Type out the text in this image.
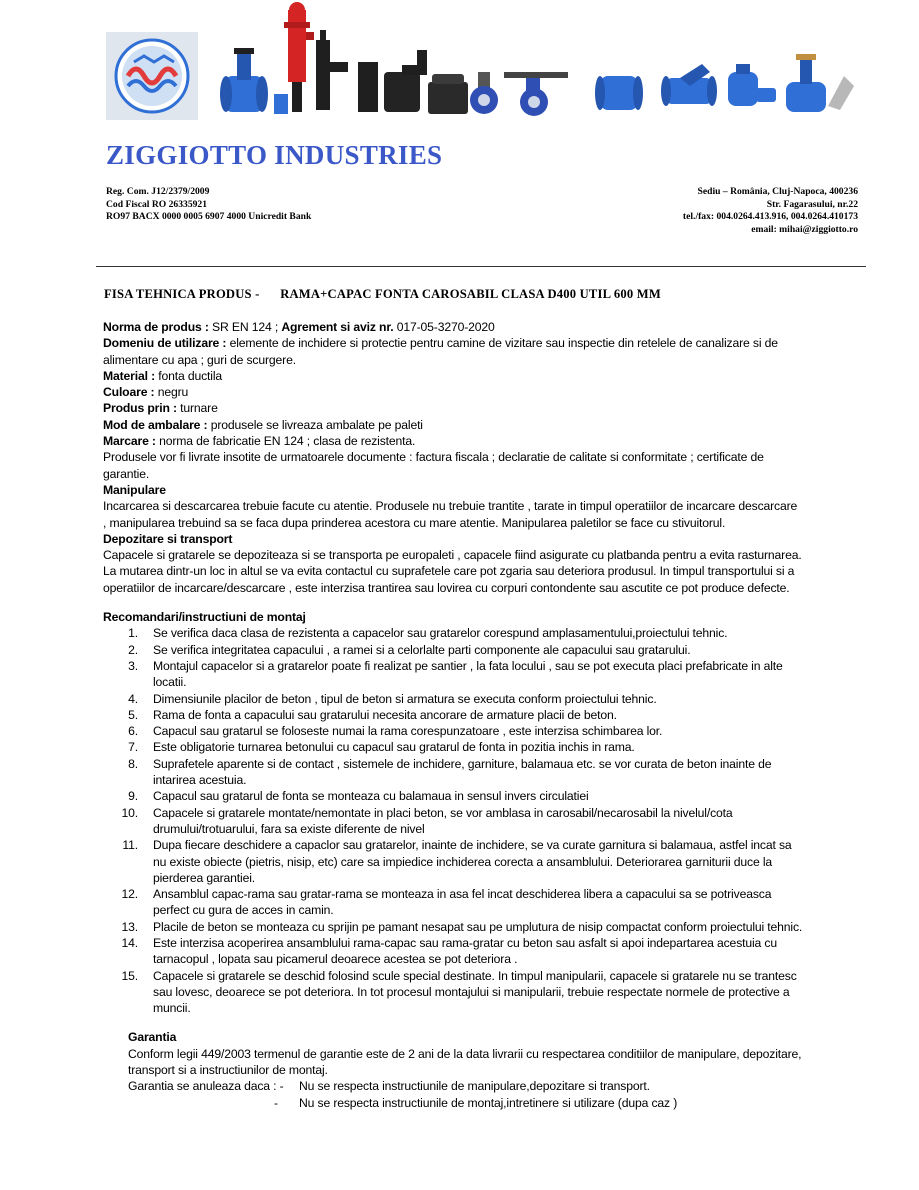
ZIGGIOTTO INDUSTRIES
Reg. Com. J12/2379/2009
Cod Fiscal RO 26335921
RO97 BACX 0000 0005 6907 4000 Unicredit Bank
Sediu – România, Cluj-Napoca, 400236
Str. Fagarasului, nr.22
tel./fax: 004.0264.413.916, 004.0264.410173
email: mihai@ziggiotto.ro
FISA TEHNICA PRODUS - RAMA+CAPAC FONTA CAROSABIL CLASA D400 UTIL 600 MM

Norma de produs : SR EN 124 ; Agrement si aviz nr. 017-05-3270-2020

Domeniu de utilizare : elemente de inchidere si protectie pentru camine de vizitare sau inspectie din retelele de canalizare si de alimentare cu apa ; guri de scurgere.

Material : fonta ductila

Culoare : negru

Produs prin : turnare

Mod de ambalare : produsele se livreaza ambalate pe paleti

Marcare : norma de fabricatie EN 124 ; clasa de rezistenta.

Produsele vor fi livrate insotite de urmatoarele documente : factura fiscala ; declaratie de calitate si conformitate ; certificate de garantie.

Manipulare

Incarcarea si descarcarea trebuie facute cu atentie. Produsele nu trebuie trantite , tarate in timpul operatiilor de incarcare descarcare , manipularea trebuind sa se faca dupa prinderea acestora cu mare atentie. Manipularea paletilor se face cu stivuitorul.

Depozitare si transport

Capacele si gratarele se depoziteaza si se transporta pe europaleti , capacele fiind asigurate cu platbanda pentru a evita rasturnarea. La mutarea dintr-un loc in altul se va evita contactul cu suprafetele care pot zgaria sau deteriora produsul. In timpul transportului si a operatiilor de incarcare/descarcare , este interzisa trantirea sau lovirea cu corpuri contondente sau ascutite ce pot produce defecte.

Recomandari/instructiuni de montaj

1. Se verifica daca clasa de rezistenta a capacelor sau gratarelor corespund amplasamentului,proiectului tehnic.
2. Se verifica integritatea capacului , a ramei si a celorlalte parti componente ale capacului sau gratarului.
3. Montajul capacelor si a gratarelor poate fi realizat pe santier , la fata locului , sau se pot executa placi prefabricate in alte locatii.
4. Dimensiunile placilor de beton , tipul de beton si armatura se executa conform proiectului tehnic.
5. Rama de fonta a capacului sau gratarului necesita ancorare de armature placii de beton.
6. Capacul sau gratarul se foloseste numai la rama corespunzatoare , este interzisa schimbarea lor.
7. Este obligatorie turnarea betonului cu capacul sau gratarul de fonta in pozitia inchis in rama.
8. Suprafetele aparente si de contact , sistemele de inchidere, garniture, balamaua etc. se vor curata de beton inainte de intarirea acestuia.
9. Capacul sau gratarul de fonta se monteaza cu balamaua in sensul invers circulatiei
10. Capacele si gratarele montate/nemontate in placi beton, se vor amblasa in carosabil/necarosabil la nivelul/cota drumului/trotuarului, fara sa existe diferente de nivel
11. Dupa fiecare deschidere a capaclor sau gratarelor, inainte de inchidere, se va curate garnitura si balamaua, astfel incat sa nu existe obiecte (pietris, nisip, etc) care sa impiedice inchiderea corecta a ansamblului. Deteriorarea garniturii duce la pierderea garantiei.
12. Ansamblul capac-rama sau gratar-rama se monteaza in asa fel incat deschiderea libera a capacului sa se potriveasca perfect cu gura de acces in camin.
13. Placile de beton se monteaza cu sprijin pe pamant nesapat sau pe umplutura de nisip compactat conform proiectului tehnic.
14. Este interzisa acoperirea ansamblului rama-capac sau rama-gratar cu beton sau asfalt si apoi indepartarea acestuia cu tarnacopul , lopata sau picamerul deoarece acestea se pot deteriora .
15. Capacele si gratarele se deschid folosind scule special destinate. In timpul manipularii, capacele si gratarele nu se trantesc sau lovesc, deoarece se pot deteriora. In tot procesul montajului si manipularii, trebuie respectate normele de protective a muncii.

Garantia

Conform legii 449/2003 termenul de garantie este de 2 ani de la data livrarii cu respectarea conditiilor de manipulare, depozitare, transport si a instructiunilor de montaj.

Garantia se anuleaza daca : - Nu se respecta instructiunile de manipulare,depozitare si transport.
- Nu se respecta instructiunile de montaj,intretinere si utilizare (dupa caz )
